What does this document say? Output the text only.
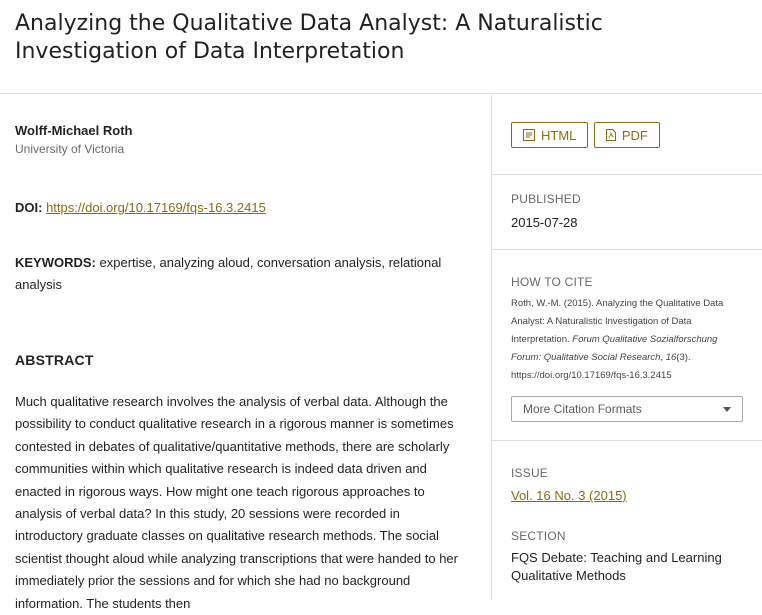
Analyzing the Qualitative Data Analyst: A Naturalistic Investigation of Data Interpretation
Wolff-Michael Roth
University of Victoria
DOI: https://doi.org/10.17169/fqs-16.3.2415
KEYWORDS: expertise, analyzing aloud, conversation analysis, relational analysis
ABSTRACT

Much qualitative research involves the analysis of verbal data. Although the possibility to conduct qualitative research in a rigorous manner is sometimes contested in debates of qualitative/quantitative methods, there are scholarly communities within which qualitative research is indeed data driven and enacted in rigorous ways. How might one teach rigorous approaches to analysis of verbal data? In this study, 20 sessions were recorded in introductory graduate classes on qualitative research methods. The social scientist thought aloud while analyzing transcriptions that were handed to her immediately prior the sessions and for which she had no background information. The students then

HTML
	PDF
PUBLISHED
2015-07-28
HOW TO CITE
Roth, W.-M. (2015). Analyzing the Qualitative Data Analyst: A Naturalistic Investigation of Data Interpretation. Forum Qualitative Sozialforschung Forum: Qualitative Social Research, 16(3). https://doi.org/10.17169/fqs-16.3.2415
More Citation Formats
ISSUE
Vol. 16 No. 3 (2015)
SECTION
FQS Debate: Teaching and Learning Qualitative Methods
